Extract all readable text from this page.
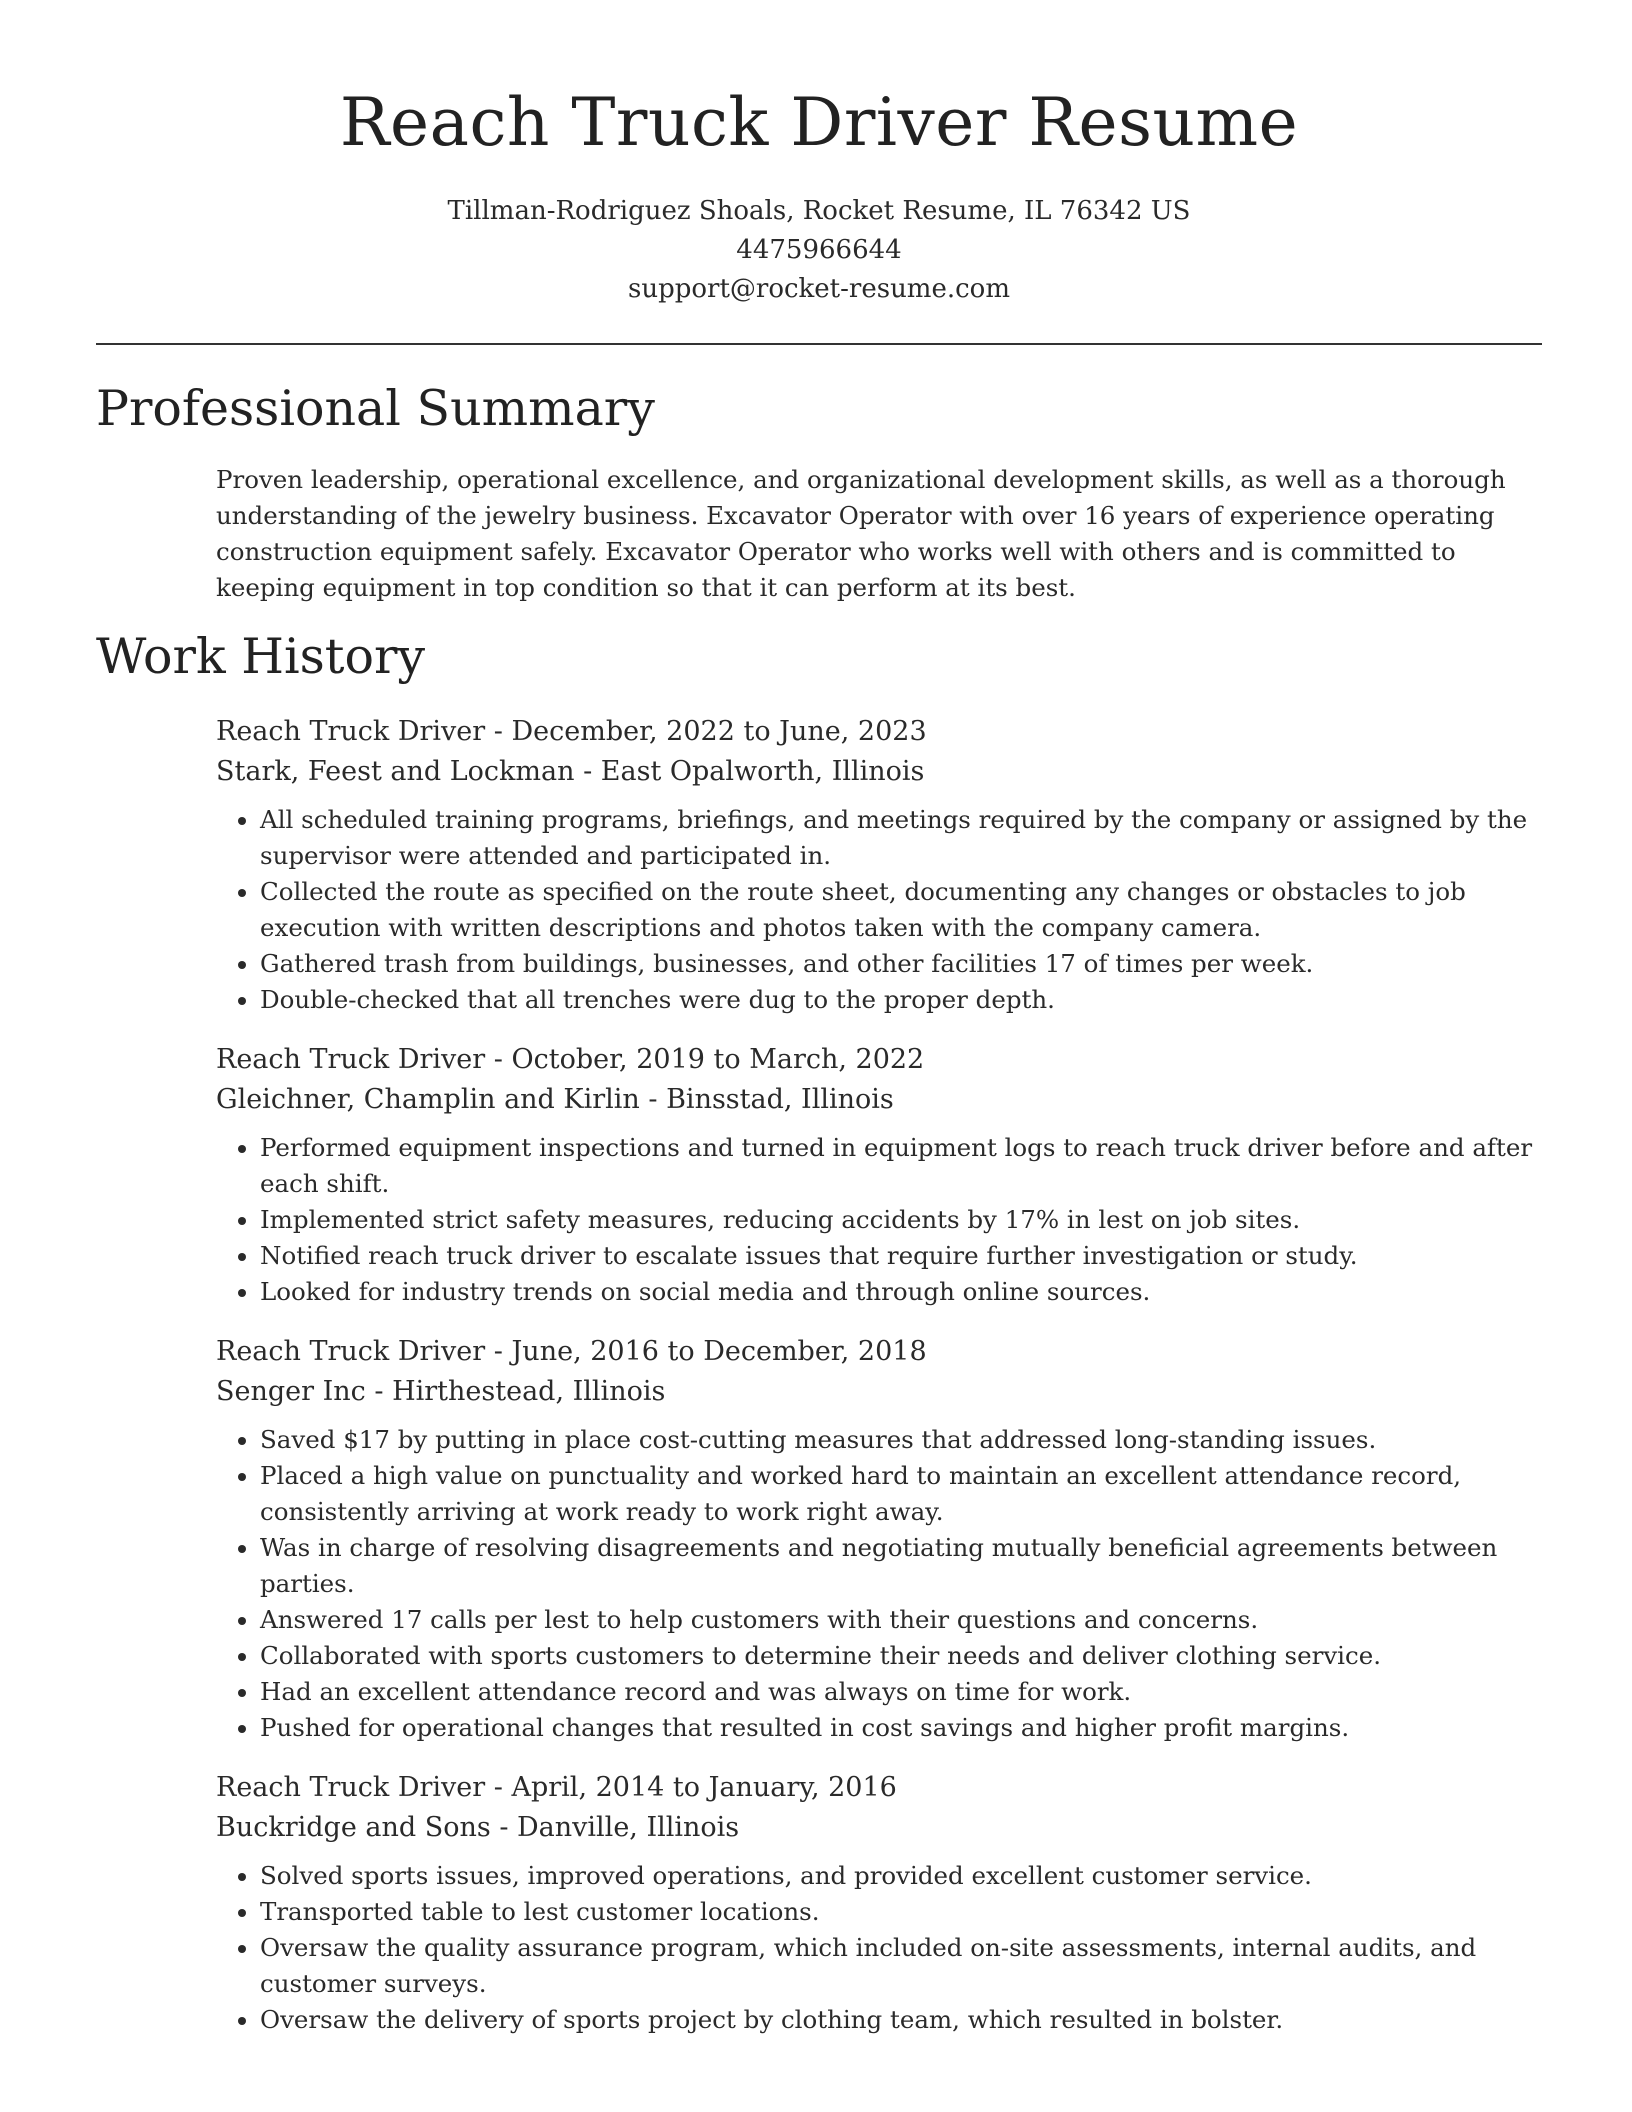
Reach Truck Driver Resume
Tillman-Rodriguez Shoals, Rocket Resume, IL 76342 US
4475966644
support@rocket-resume.com
Professional Summary

Proven leadership, operational excellence, and organizational development skills, as well as a thorough understanding of the jewelry business. Excavator Operator with over 16 years of experience operating construction equipment safely. Excavator Operator who works well with others and is committed to keeping equipment in top condition so that it can perform at its best.

Work History
Reach Truck Driver - December, 2022 to June, 2023
Stark, Feest and Lockman - East Opalworth, Illinois
• All scheduled training programs, briefings, and meetings required by the company or assigned by the supervisor were attended and participated in.
• Collected the route as specified on the route sheet, documenting any changes or obstacles to job execution with written descriptions and photos taken with the company camera.
• Gathered trash from buildings, businesses, and other facilities 17 of times per week.
• Double-checked that all trenches were dug to the proper depth.
Reach Truck Driver - October, 2019 to March, 2022
Gleichner, Champlin and Kirlin - Binsstad, Illinois
• Performed equipment inspections and turned in equipment logs to reach truck driver before and after each shift.
• Implemented strict safety measures, reducing accidents by 17% in lest on job sites.
• Notified reach truck driver to escalate issues that require further investigation or study.
• Looked for industry trends on social media and through online sources.
Reach Truck Driver - June, 2016 to December, 2018
Senger Inc - Hirthestead, Illinois
• Saved $17 by putting in place cost-cutting measures that addressed long-standing issues.
• Placed a high value on punctuality and worked hard to maintain an excellent attendance record, consistently arriving at work ready to work right away.
• Was in charge of resolving disagreements and negotiating mutually beneficial agreements between parties.
• Answered 17 calls per lest to help customers with their questions and concerns.
• Collaborated with sports customers to determine their needs and deliver clothing service.
• Had an excellent attendance record and was always on time for work.
• Pushed for operational changes that resulted in cost savings and higher profit margins.
Reach Truck Driver - April, 2014 to January, 2016
Buckridge and Sons - Danville, Illinois
• Solved sports issues, improved operations, and provided excellent customer service.
• Transported table to lest customer locations.
• Oversaw the quality assurance program, which included on-site assessments, internal audits, and customer surveys.
• Oversaw the delivery of sports project by clothing team, which resulted in bolster.
